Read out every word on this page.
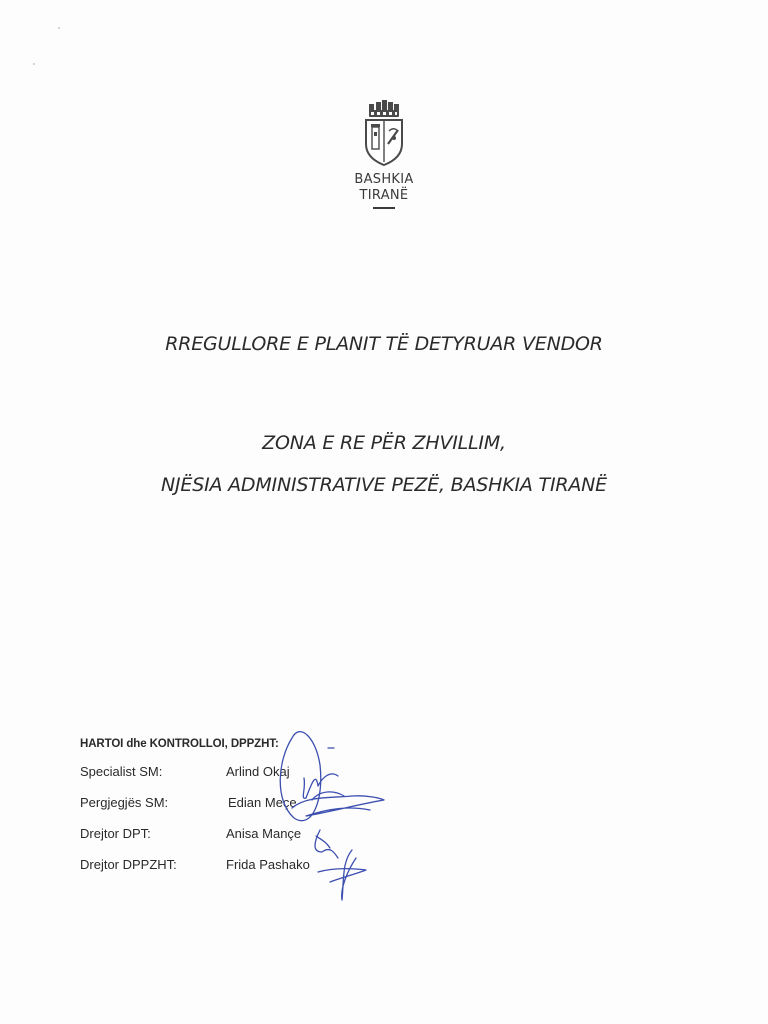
BASHKIA
TIRANË
RREGULLORE E PLANIT TË DETYRUAR VENDOR
ZONA E RE PËR ZHVILLIM,
NJËSIA ADMINISTRATIVE PEZË, BASHKIA TIRANË
HARTOI dhe KONTROLLOI, DPPZHT:
Specialist SM:	Arlind Okaj
Pergjegjës SM:	Edian Meçe
Drejtor DPT:	Anisa Mançe
Drejtor DPPZHT:	Frida Pashako
